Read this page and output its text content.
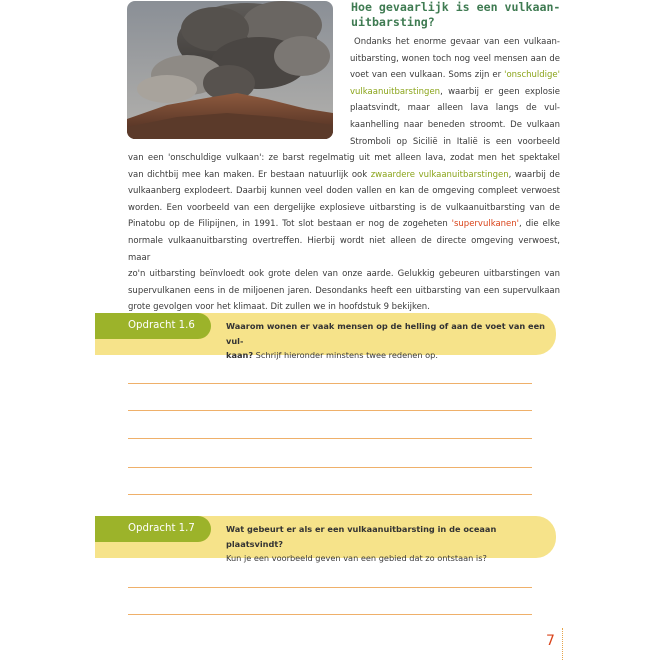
Hoe gevaarlijk is een vulkaan-
uitbarsting?
Ondanks het enorme gevaar van een vulkaan-
uitbarsting, wonen toch nog veel mensen aan de
voet van een vulkaan. Soms zijn er 'onschuldige'
vulkaanuitbarstingen, waarbij er geen explosie
plaatsvindt, maar alleen lava langs de vul-
kaanhelling naar beneden stroomt. De vulkaan
Stromboli op Sicilië in Italië is een voorbeeld
van een 'onschuldige vulkaan': ze barst regelmatig uit met alleen lava, zodat men het spektakel
van dichtbij mee kan maken. Er bestaan natuurlijk ook zwaardere vulkaanuitbarstingen, waarbij de
vulkaanberg explodeert. Daarbij kunnen veel doden vallen en kan de omgeving compleet verwoest
worden. Een voorbeeld van een dergelijke explosieve uitbarsting is de vulkaanuitbarsting van de
Pinatobu op de Filipijnen, in 1991. Tot slot bestaan er nog de zogeheten 'supervulkanen', die elke
normale vulkaanuitbarsting overtreffen. Hierbij wordt niet alleen de directe omgeving verwoest, maar
zo'n uitbarsting beïnvloedt ook grote delen van onze aarde. Gelukkig gebeuren uitbarstingen van
supervulkanen eens in de miljoenen jaren. Desondanks heeft een uitbarsting van een supervulkaan
grote gevolgen voor het klimaat. Dit zullen we in hoofdstuk 9 bekijken.
Opdracht 1.6	Waarom wonen er vaak mensen op de helling of aan de voet van een vul-
kaan? Schrijf hieronder minstens twee redenen op.
Opdracht 1.7	Wat gebeurt er als er een vulkaanuitbarsting in de oceaan plaatsvindt?
Kun je een voorbeeld geven van een gebied dat zo ontstaan is?
7
